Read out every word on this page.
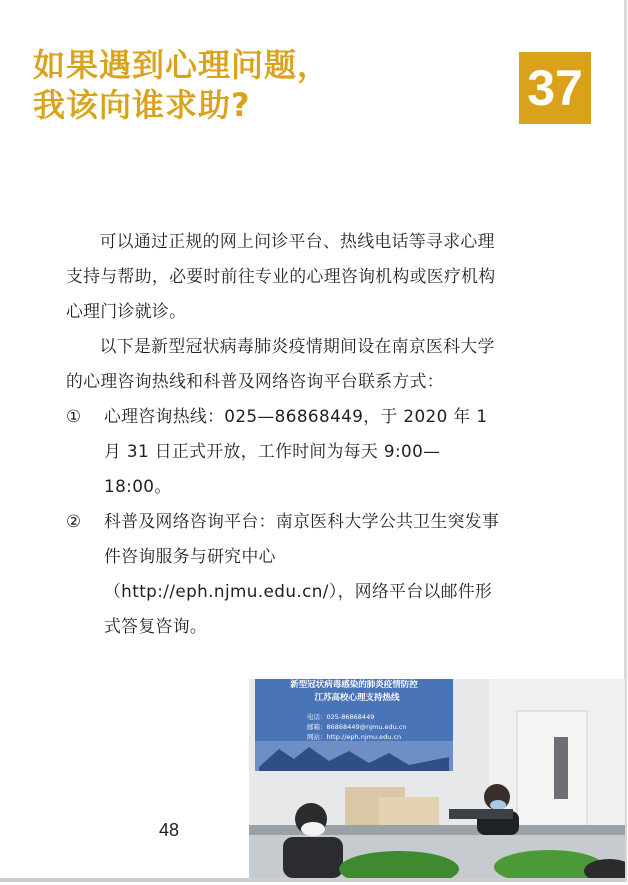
如果遇到心理问题，
我该向谁求助?	37
可以通过正规的网上问诊平台、热线电话等寻求心理支持与帮助，必要时前往专业的心理咨询机构或医疗机构心理门诊就诊。
以下是新型冠状病毒肺炎疫情期间设在南京医科大学的心理咨询热线和科普及网络咨询平台联系方式：
① 心理咨询热线：025—86868449，于 2020 年 1 月 31 日正式开放，工作时间为每天 9:00—18:00。
② 科普及网络咨询平台：南京医科大学公共卫生突发事件咨询服务与研究中心（http://eph.njmu.edu.cn/），网络平台以邮件形式答复咨询。
48
新型冠状病毒感染的肺炎疫情防控
江苏高校心理支持热线
电话：025-86868449
邮箱：86868449@njmu.edu.cn
网站：http://eph.njmu.edu.cn
